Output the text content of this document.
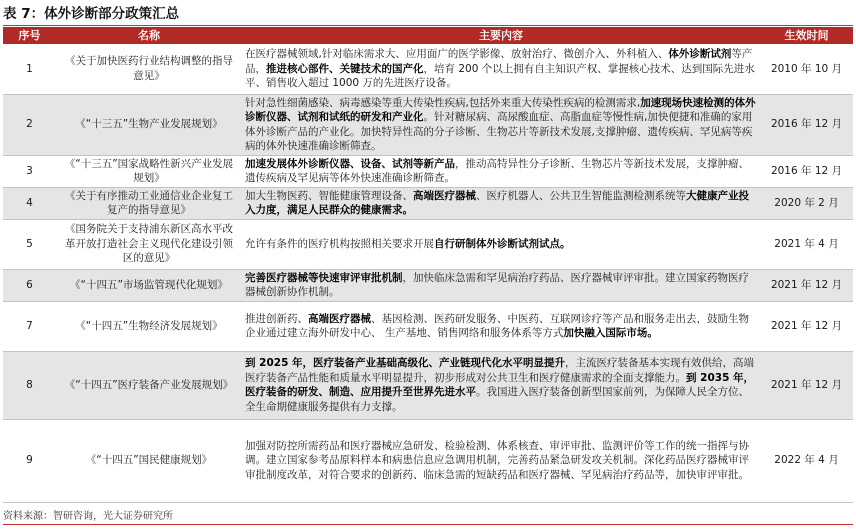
表 7：体外诊断部分政策汇总
序号	名称	主要内容	生效时间
1	《关于加快医药行业结构调整的指导意见》	在医疗器械领域,针对临床需求大、应用面广的医学影像、放射治疗、微创介入、外科植入、体外诊断试剂等产品，推进核心部件、关键技术的国产化，培育 200 个以上拥有自主知识产权、掌握核心技术、达到国际先进水平、销售收入超过 1000 万的先进医疗设备。	2010 年 10 月
2	《“十三五”生物产业发展规划》	针对急性细菌感染、病毒感染等重大传染性疾病,包括外来重大传染性疾病的检测需求,加速现场快速检测的体外诊断仪器、试剂和试纸的研发和产业化。针对糖尿病、高尿酸血症、高脂血症等慢性病,加快便捷和准确的家用体外诊断产品的产业化。加快特异性高的分子诊断、生物芯片等新技术发展,支撑肿瘤、遗传疾病、罕见病等疾病的体外快速准确诊断筛查。	2016 年 12 月
3	《“十三五”国家战略性新兴产业发展规划》	加速发展体外诊断仪器、设备、试剂等新产品，推动高特异性分子诊断、生物芯片等新技术发展，支撑肿瘤、遗传疾病及罕见病等体外快速准确诊断筛查。	2016 年 12 月
4	《关于有序推动工业通信业企业复工复产的指导意见》	加大生物医药、智能健康管理设备、高端医疗器械、医疗机器人、公共卫生智能监测检测系统等大健康产业投入力度，满足人民群众的健康需求。	2020 年 2 月
5	《国务院关于支持浦东新区高水平改革开放打造社会主义现代化建设引领区的意见》	允许有条件的医疗机构按照相关要求开展自行研制体外诊断试剂试点。	2021 年 4 月
6	《“十四五”市场监管现代化规划》	完善医疗器械等快速审评审批机制，加快临床急需和罕见病治疗药品、医疗器械审评审批。建立国家药物医疗器械创新协作机制。	2021 年 12 月
7	《“十四五”生物经济发展规划》	推进创新药、高端医疗器械、基因检测、医药研发服务、中医药、互联网诊疗等产品和服务走出去，鼓励生物企业通过建立海外研发中心、 生产基地、销售网络和服务体系等方式加快融入国际市场。	2021 年 12 月
8	《“十四五”医疗装备产业发展规划》	到 2025 年，医疗装备产业基础高级化、产业链现代化水平明显提升，主流医疗装备基本实现有效供给，高端医疗装备产品性能和质量水平明显提升，初步形成对公共卫生和医疗健康需求的全面支撑能力。到 2035 年，医疗装备的研发、制造、应用提升至世界先进水平。我国进入医疗装备创新型国家前列，为保障人民全方位、全生命期健康服务提供有力支撑。	2021 年 12 月
9	《“十四五”国民健康规划》	加强对防控所需药品和医疗器械应急研发、检验检测、体系核查、审评审批、监测评价等工作的统一指挥与协调。建立国家参考品原料样本和病患信息应急调用机制，完善药品紧急研发攻关机制。深化药品医疗器械审评审批制度改革，对符合要求的创新药、临床急需的短缺药品和医疗器械、罕见病治疗药品等，加快审评审批。	2022 年 4 月
资料来源：智研咨询，光大证券研究所
